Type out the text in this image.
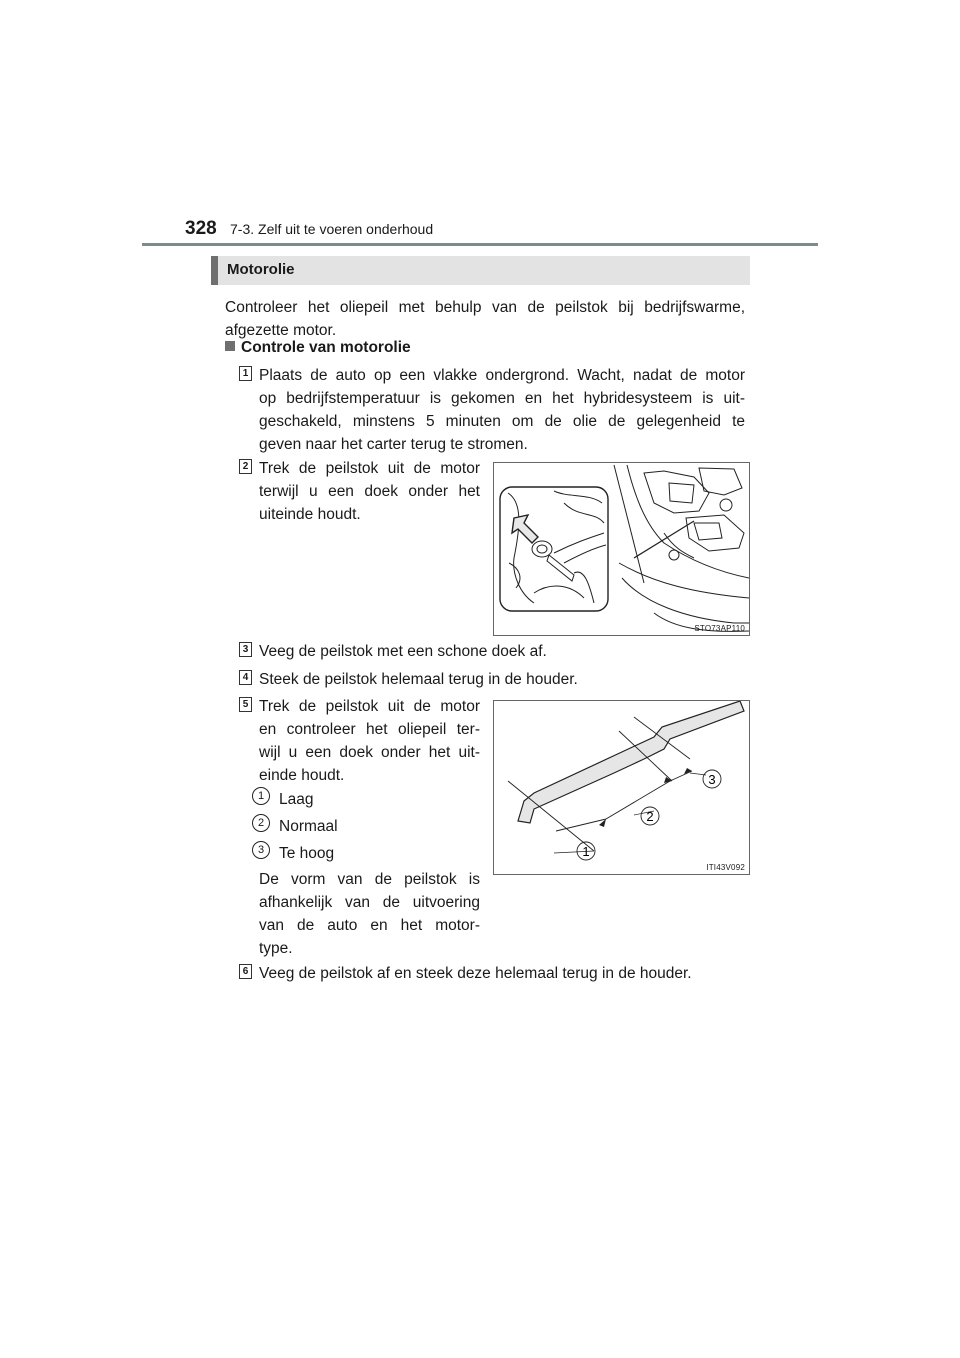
328 7-3. Zelf uit te voeren onderhoud
Motorolie
Controleer het oliepeil met behulp van de peilstok bij bedrijfswarme, afgezette motor.
Controle van motorolie
1 Plaats de auto op een vlakke ondergrond. Wacht, nadat de motor
op bedrijfstemperatuur is gekomen en het hybridesysteem is uit-
geschakeld, minstens 5 minuten om de olie de gelegenheid te
geven naar het carter terug te stromen.
2 Trek de peilstok uit de motor
terwijl u een doek onder het
uiteinde houdt.
STO73AP110
3 Veeg de peilstok met een schone doek af.
4 Steek de peilstok helemaal terug in de houder.
5 Trek de peilstok uit de motor
en controleer het oliepeil ter-
wijl u een doek onder het uit-
einde houdt.
1 Laag
2 Normaal
3 Te hoog
De vorm van de peilstok is
afhankelijk van de uitvoering
van de auto en het motor-
type.
1
2
3
ITI43V092
6 Veeg de peilstok af en steek deze helemaal terug in de houder.
